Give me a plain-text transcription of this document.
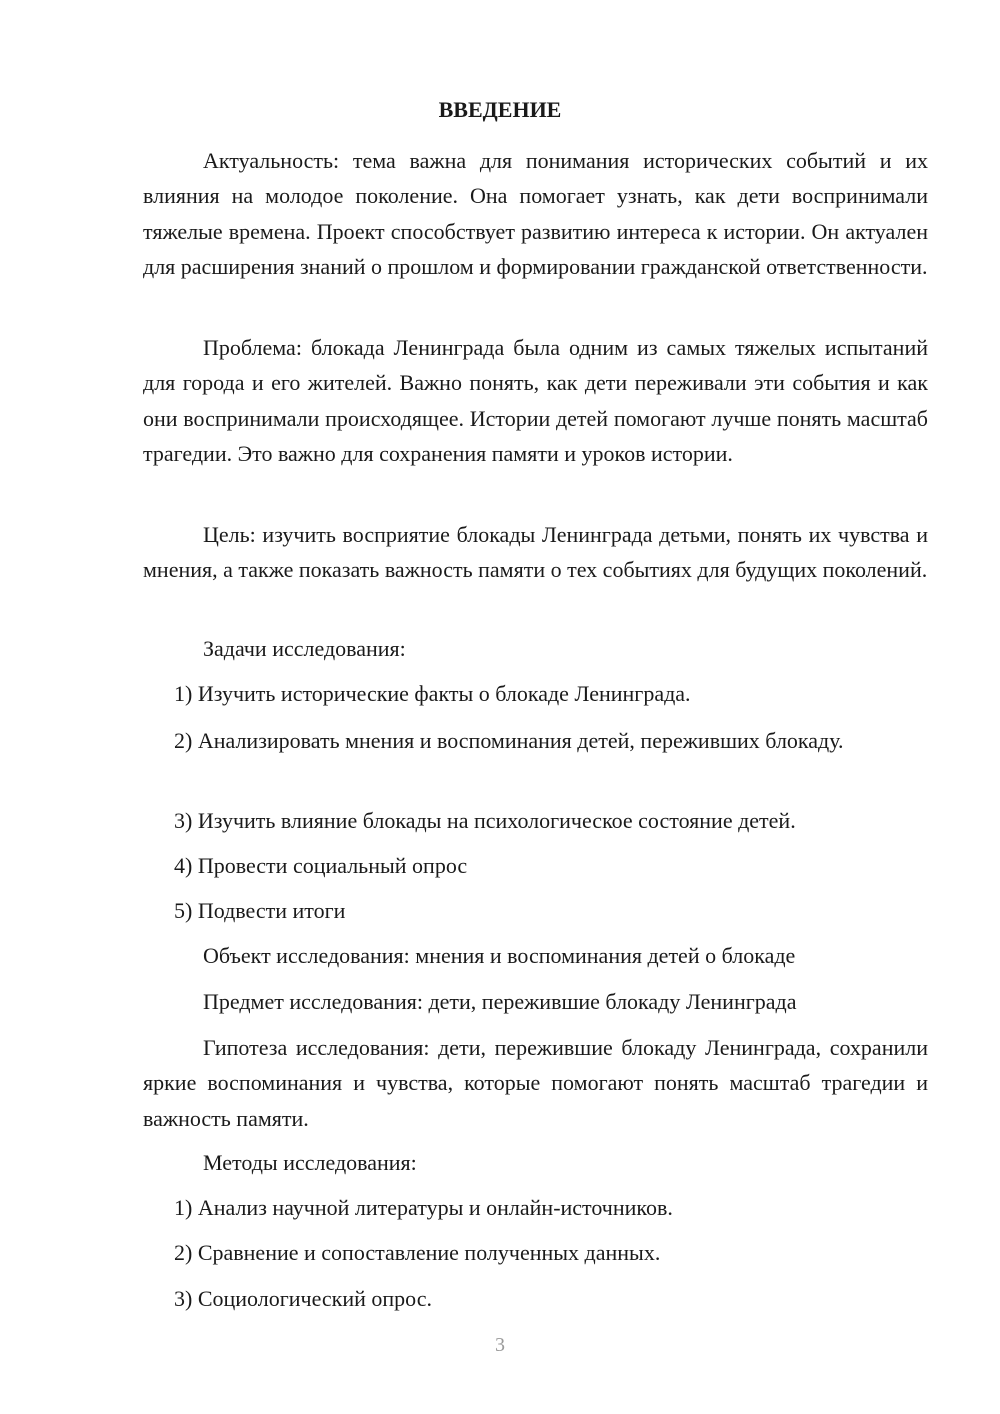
ВВЕДЕНИЕ

Актуальность: тема важна для понимания исторических событий и их влияния на молодое поколение. Она помогает узнать, как дети воспринимали тяжелые времена. Проект способствует развитию интереса к истории. Он актуален для расширения знаний о прошлом и формировании гражданской ответственности.

Проблема: блокада Ленинграда была одним из самых тяжелых испытаний для города и его жителей. Важно понять, как дети переживали эти события и как они воспринимали происходящее. Истории детей помогают лучше понять масштаб трагедии. Это важно для сохранения памяти и уроков истории.

Цель: изучить восприятие блокады Ленинграда детьми, понять их чувства и мнения, а также показать важность памяти о тех событиях для будущих поколений.

Задачи исследования:

1) Изучить исторические факты о блокаде Ленинграда.

2) Анализировать мнения и воспоминания детей, переживших блокаду.

3) Изучить влияние блокады на психологическое состояние детей.

4) Провести социальный опрос

5) Подвести итоги

Объект исследования: мнения и воспоминания детей о блокаде

Предмет исследования: дети, пережившие блокаду Ленинграда

Гипотеза исследования: дети, пережившие блокаду Ленинграда, сохранили яркие воспоминания и чувства, которые помогают понять масштаб трагедии и важность памяти.

Методы исследования:

1) Анализ научной литературы и онлайн-источников.

2) Сравнение и сопоставление полученных данных.

3) Социологический опрос.

3
